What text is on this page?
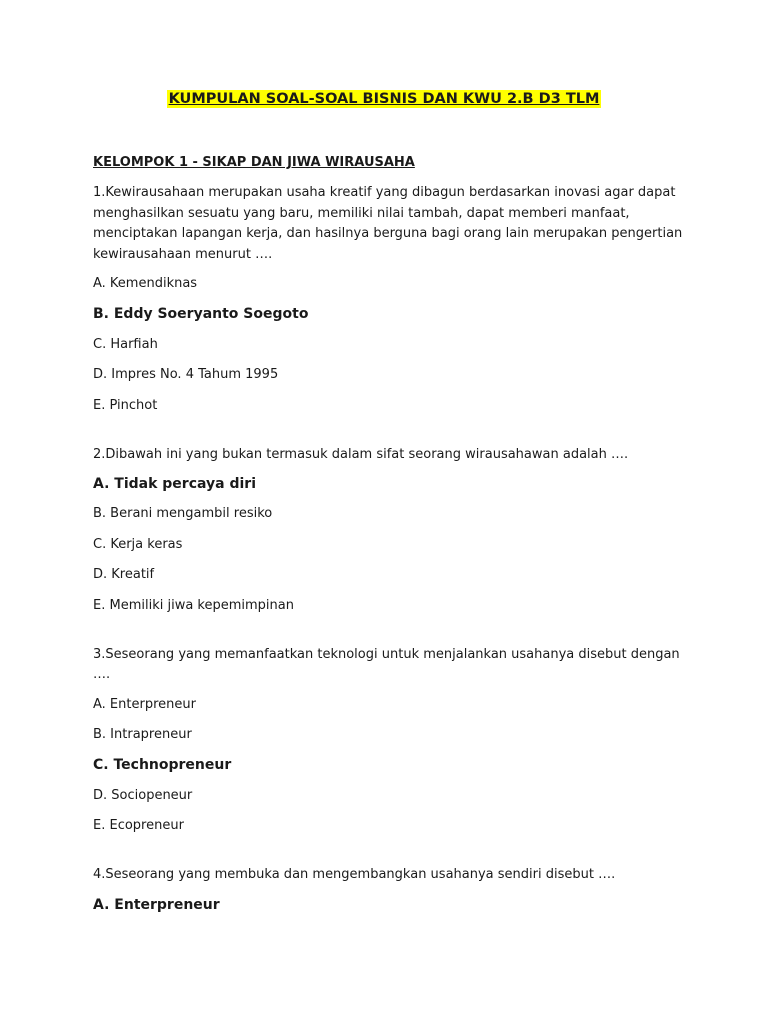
KUMPULAN SOAL-SOAL BISNIS DAN KWU 2.B D3 TLM
KELOMPOK 1 - SIKAP DAN JIWA WIRAUSAHA
1.Kewirausahaan merupakan usaha kreatif yang dibagun berdasarkan inovasi agar dapat menghasilkan sesuatu yang baru, memiliki nilai tambah, dapat memberi manfaat, menciptakan lapangan kerja, dan hasilnya berguna bagi orang lain merupakan pengertian kewirausahaan menurut ….
A. Kemendiknas
B. Eddy Soeryanto Soegoto
C. Harfiah
D. Impres No. 4 Tahum 1995
E. Pinchot
2.Dibawah ini yang bukan termasuk dalam sifat seorang wirausahawan adalah ….
A. Tidak percaya diri
B. Berani mengambil resiko
C. Kerja keras
D. Kreatif
E. Memiliki jiwa kepemimpinan
3.Seseorang yang memanfaatkan teknologi untuk menjalankan usahanya disebut dengan ….
A. Enterpreneur
B. Intrapreneur
C. Technopreneur
D. Sociopeneur
E. Ecopreneur
4.Seseorang yang membuka dan mengembangkan usahanya sendiri disebut ….
A. Enterpreneur
